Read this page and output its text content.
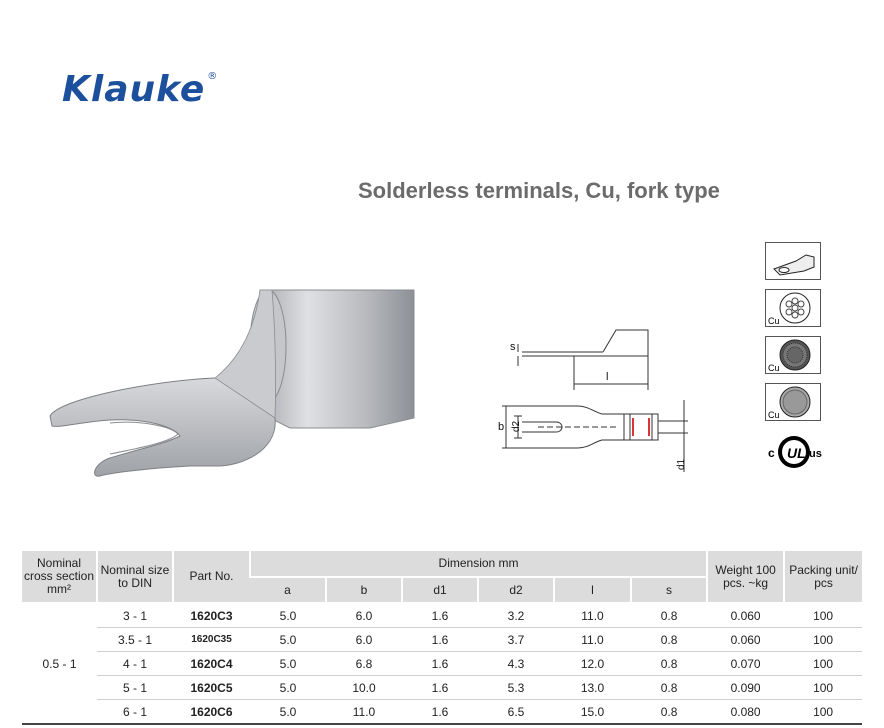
Klauke ®
Solderless terminals, Cu, fork type
s
l
b d2
d1
Cu
Cu
Cu
UL
c	us
Nominal cross section mm²	Nominal size to DIN	Part No.	Dimension mm						Weight 100 pcs. ~kg	Packing unit/ pcs
			a	b	d1	d2	l	s		
0.5 - 1	3 - 1	1620C3	5.0	6.0	1.6	3.2	11.0	0.8	0.060	100
	3.5 - 1	1620C35	5.0	6.0	1.6	3.7	11.0	0.8	0.060	100
	4 - 1	1620C4	5.0	6.8	1.6	4.3	12.0	0.8	0.070	100
	5 - 1	1620C5	5.0	10.0	1.6	5.3	13.0	0.8	0.090	100
	6 - 1	1620C6	5.0	11.0	1.6	6.5	15.0	0.8	0.080	100
